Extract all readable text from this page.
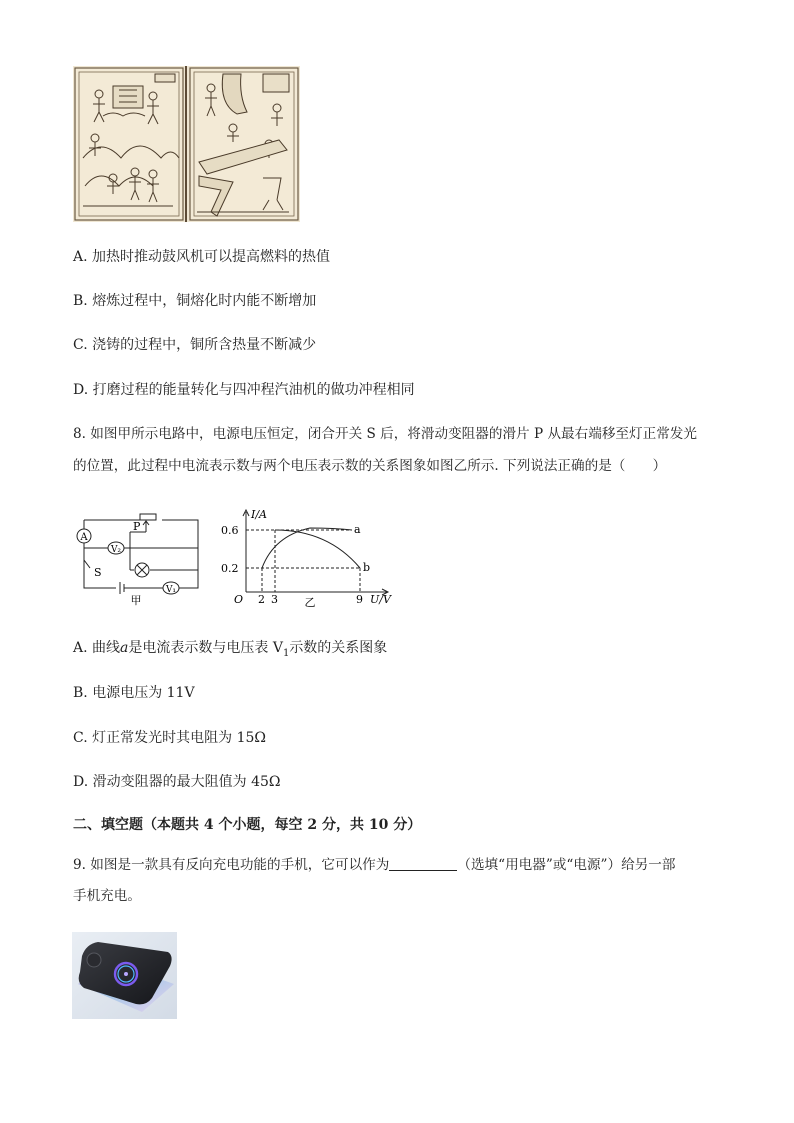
A. 加热时推动鼓风机可以提高燃料的热值
B. 熔炼过程中，铜熔化时内能不断增加
C. 浇铸的过程中，铜所含热量不断减少
D. 打磨过程的能量转化与四冲程汽油机的做功冲程相同
8. 如图甲所示电路中，电源电压恒定，闭合开关 S 后，将滑动变阻器的滑片 P 从最右端移至灯正常发光
的位置，此过程中电流表示数与两个电压表示数的关系图象如图乙所示. 下列说法正确的是（　　）
A
V₂
V₁
P
S
甲
I/A
U/V
O
0.6
0.2
2 3	9
a
b
乙
A. 曲线a是电流表示数与电压表 $V_1$示数的关系图象
B. 电源电压为 11V
C. 灯正常发光时其电阻为 15Ω
D. 滑动变阻器的最大阻值为 45Ω
二、填空题（本题共 4 个小题，每空 2 分，共 10 分）
9. 如图是一款具有反向充电功能的手机，它可以作为	（选填“用电器”或“电源”）给另一部
手机充电。
